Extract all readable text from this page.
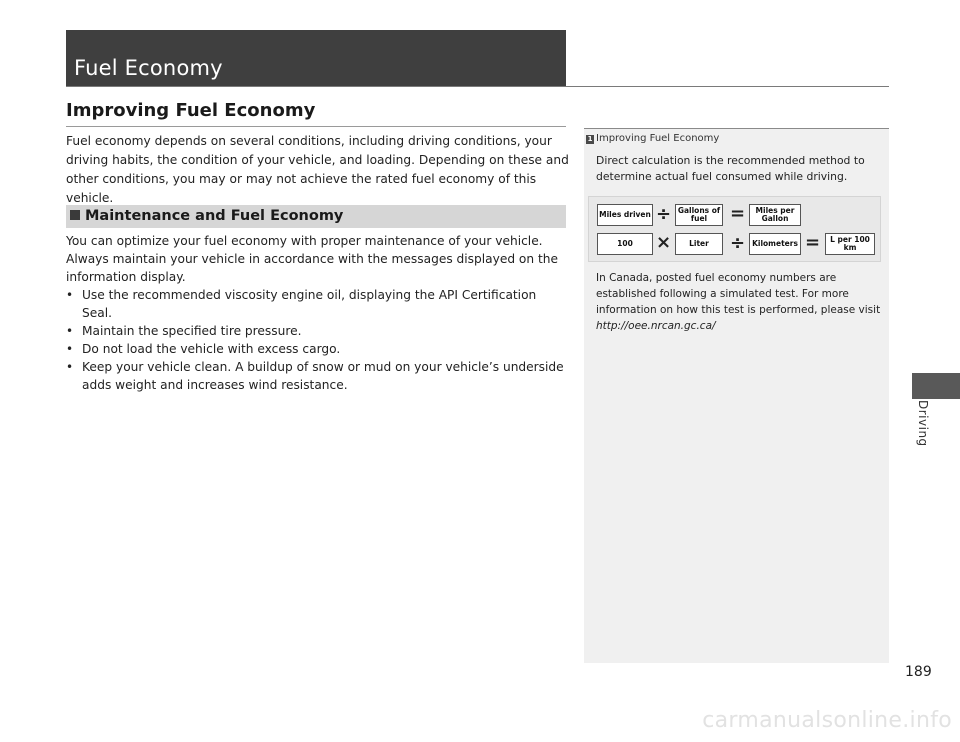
Fuel Economy
Improving Fuel Economy
Fuel economy depends on several conditions, including driving conditions, your driving habits, the condition of your vehicle, and loading. Depending on these and other conditions, you may or may not achieve the rated fuel economy of this vehicle.
Maintenance and Fuel Economy
You can optimize your fuel economy with proper maintenance of your vehicle. Always maintain your vehicle in accordance with the messages displayed on the information display.
• Use the recommended viscosity engine oil, displaying the API Certification Seal.
• Maintain the specified tire pressure.
• Do not load the vehicle with excess cargo.
• Keep your vehicle clean. A buildup of snow or mud on your vehicle’s underside adds weight and increases wind resistance.
1 Improving Fuel Economy
Direct calculation is the recommended method to determine actual fuel consumed while driving.
Miles driven ÷ Gallons of fuel	=	Miles per Gallon
100	×	Liter	÷ Kilometers =	L per 100 km
In Canada, posted fuel economy numbers are established following a simulated test. For more information on how this test is performed, please visit http://oee.nrcan.gc.ca/
Driving
189
carmanualsonline.info
